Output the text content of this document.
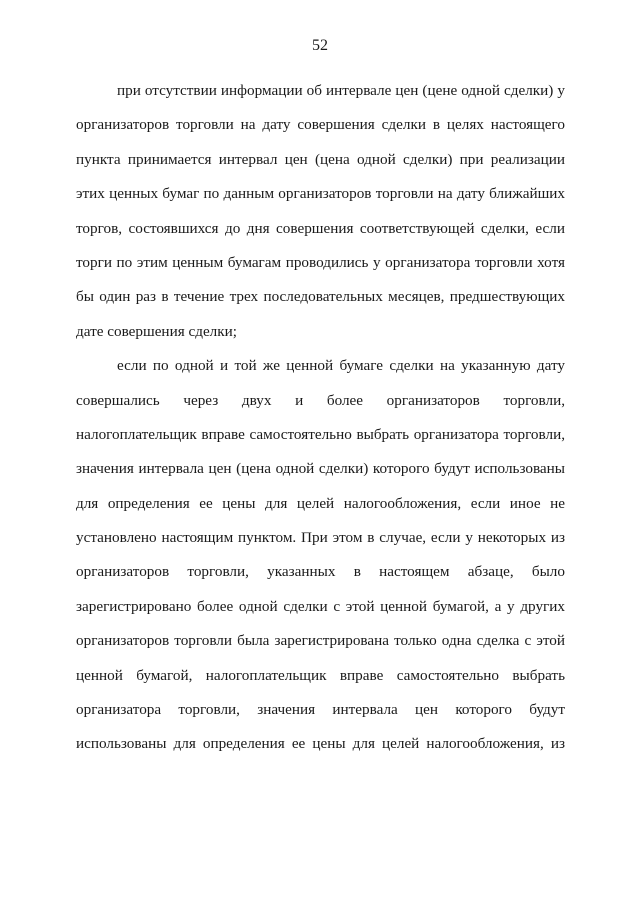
52

при отсутствии информации об интервале цен (цене одной сделки) у
организаторов торговли на дату совершения сделки в целях настоящего
пункта принимается интервал цен (цена одной сделки) при реализации
этих ценных бумаг по данным организаторов торговли на дату ближайших
торгов, состоявшихся до дня совершения соответствующей сделки, если
торги по этим ценным бумагам проводились у организатора торговли хотя
бы один раз в течение трех последовательных месяцев, предшествующих
дате совершения сделки;

если по одной и той же ценной бумаге сделки на указанную дату
совершались через двух и более организаторов торговли,
налогоплательщик вправе самостоятельно выбрать организатора торговли,
значения интервала цен (цена одной сделки) которого будут использованы
для определения ее цены для целей налогообложения, если иное не
установлено настоящим пунктом. При этом в случае, если у некоторых из
организаторов торговли, указанных в настоящем абзаце, было
зарегистрировано более одной сделки с этой ценной бумагой, а у других
организаторов торговли была зарегистрирована только одна сделка с этой
ценной бумагой, налогоплательщик вправе самостоятельно выбрать
организатора торговли, значения интервала цен которого будут
использованы для определения ее цены для целей налогообложения, из
